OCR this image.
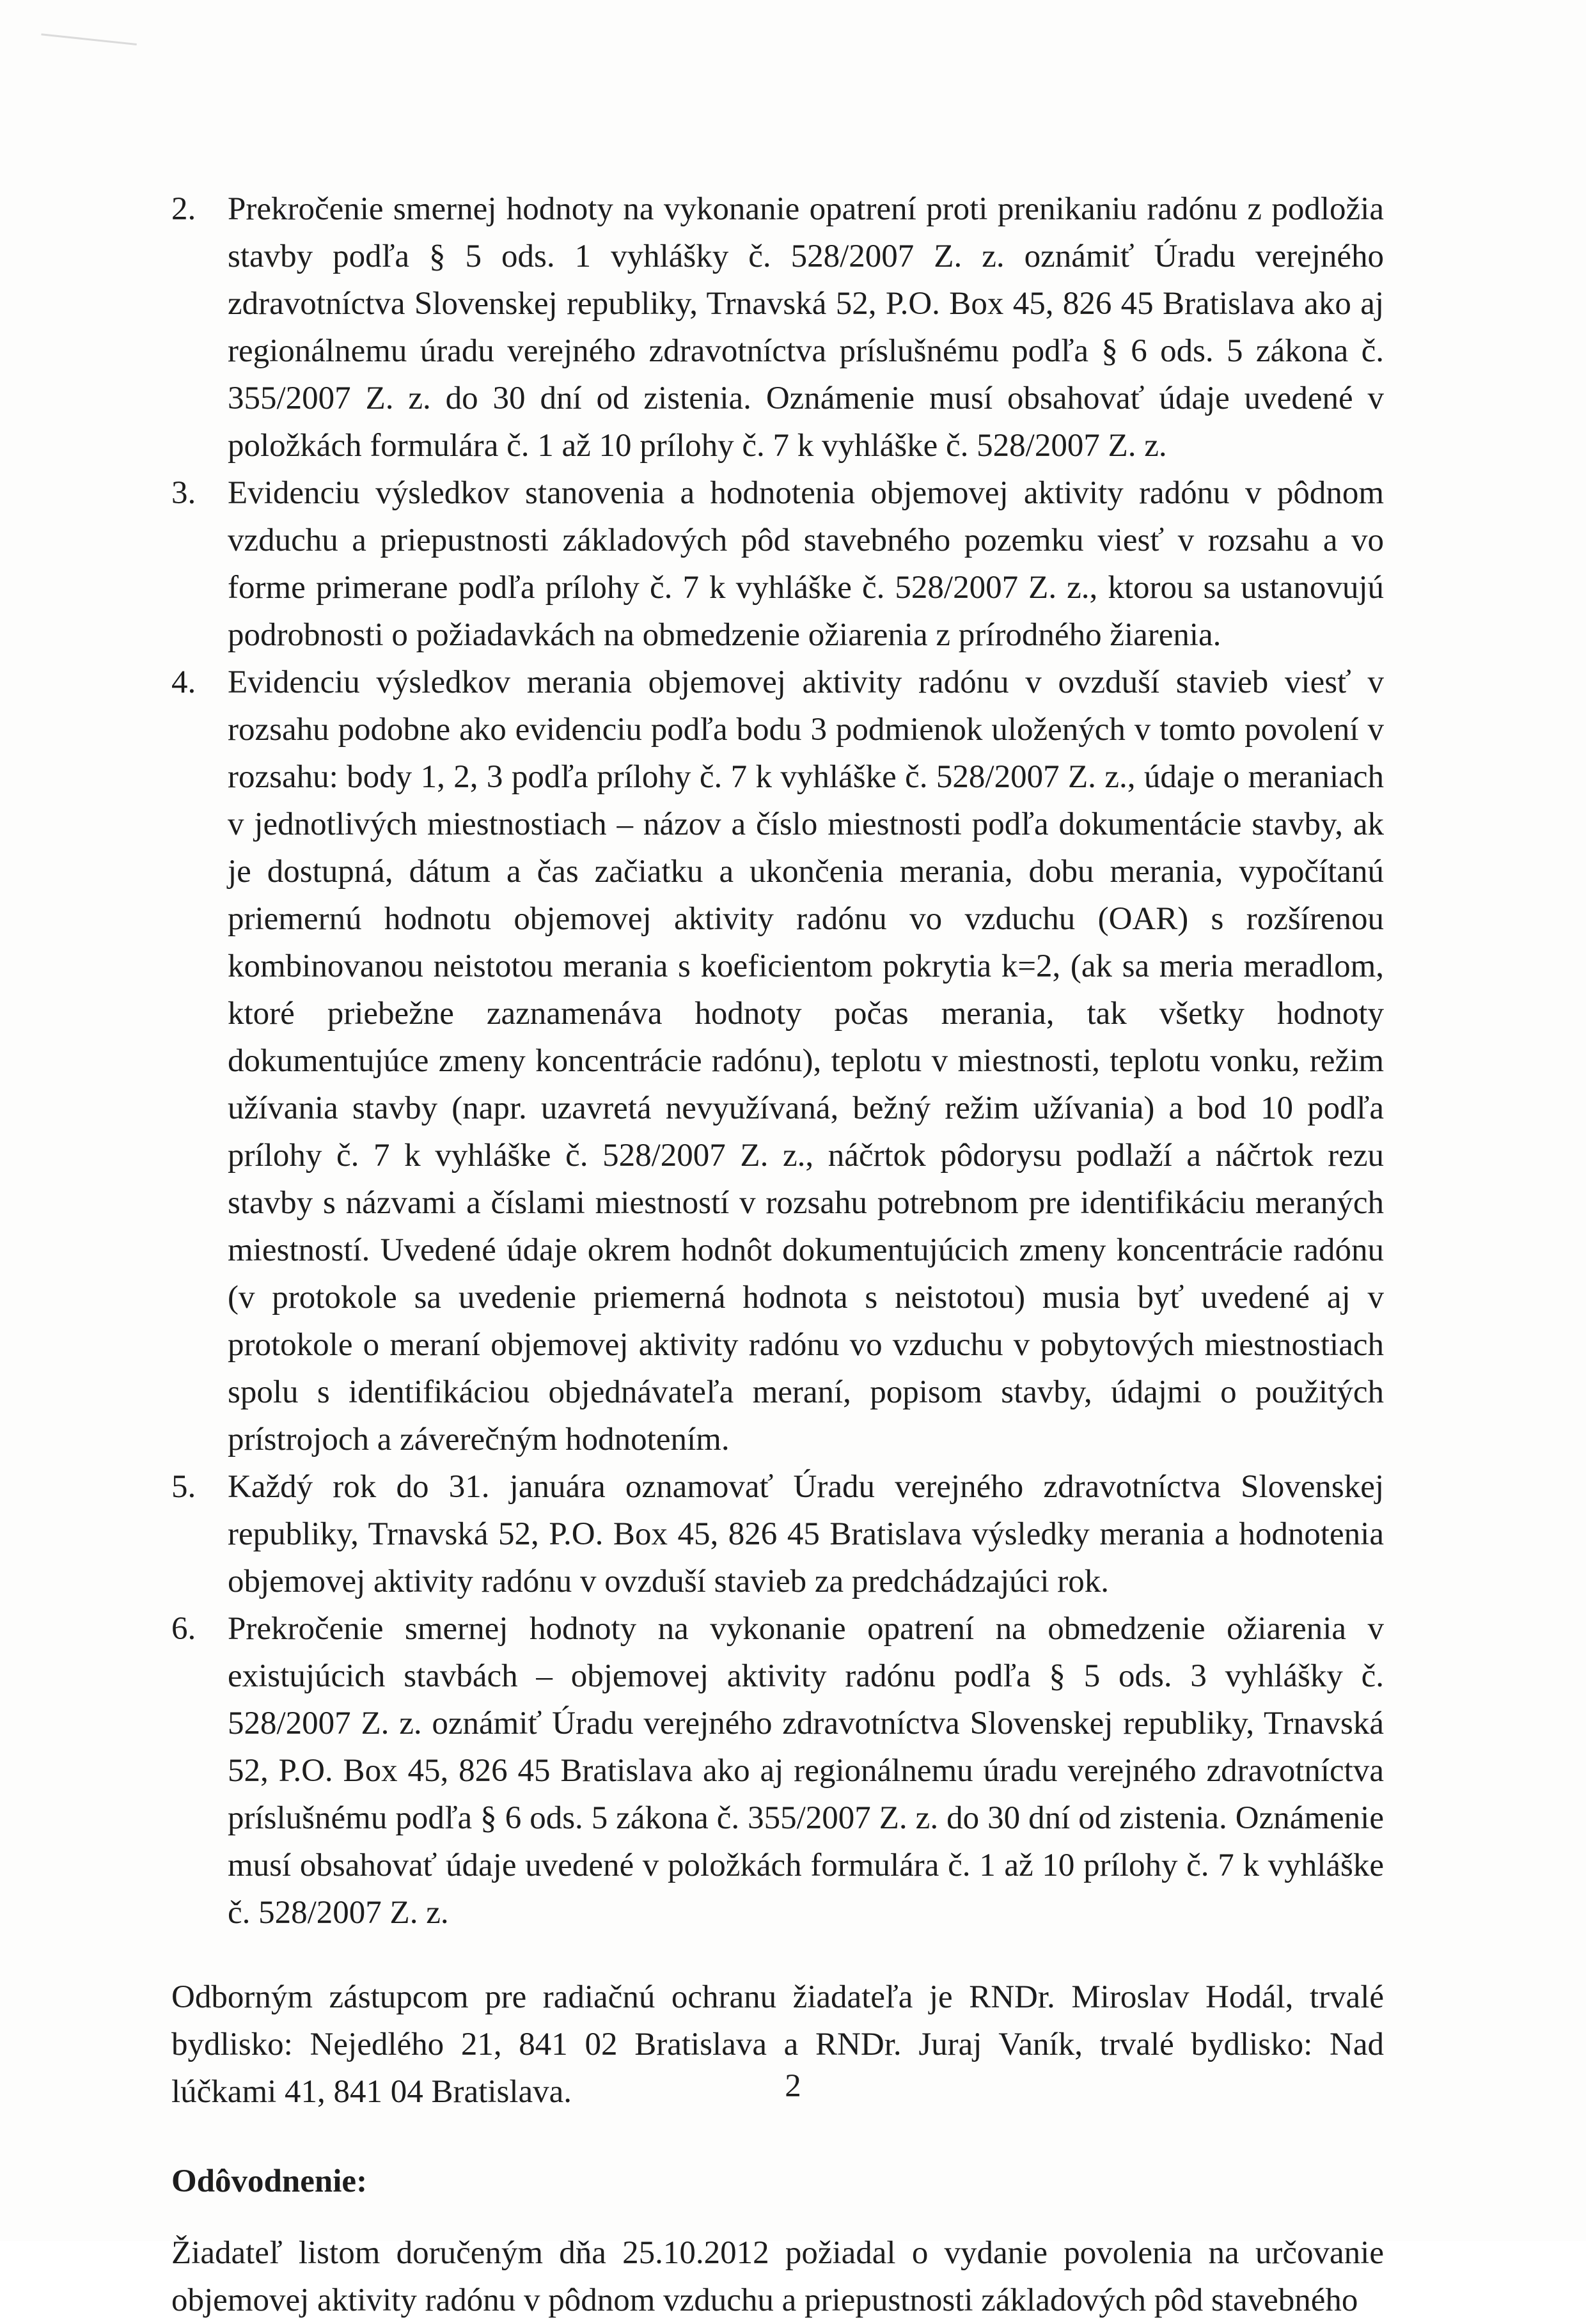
2. Prekročenie smernej hodnoty na vykonanie opatrení proti prenikaniu radónu z podložia stavby podľa § 5 ods. 1 vyhlášky č. 528/2007 Z. z. oznámiť Úradu verejného zdravotníctva Slovenskej republiky, Trnavská 52, P.O. Box 45, 826 45 Bratislava ako aj regionálnemu úradu verejného zdravotníctva príslušnému podľa § 6 ods. 5 zákona č. 355/2007 Z. z. do 30 dní od zistenia. Oznámenie musí obsahovať údaje uvedené v položkách formulára č. 1 až 10 prílohy č. 7 k vyhláške č. 528/2007 Z. z.
3. Evidenciu výsledkov stanovenia a hodnotenia objemovej aktivity radónu v pôdnom vzduchu a priepustnosti základových pôd stavebného pozemku viesť v rozsahu a vo forme primerane podľa prílohy č. 7 k vyhláške č. 528/2007 Z. z., ktorou sa ustanovujú podrobnosti o požiadavkách na obmedzenie ožiarenia z prírodného žiarenia.
4. Evidenciu výsledkov merania objemovej aktivity radónu v ovzduší stavieb viesť v rozsahu podobne ako evidenciu podľa bodu 3 podmienok uložených v tomto povolení v rozsahu: body 1, 2, 3 podľa prílohy č. 7 k vyhláške č. 528/2007 Z. z., údaje o meraniach v jednotlivých miestnostiach – názov a číslo miestnosti podľa dokumentácie stavby, ak je dostupná, dátum a čas začiatku a ukončenia merania, dobu merania, vypočítanú priemernú hodnotu objemovej aktivity radónu vo vzduchu (OAR) s rozšírenou kombinovanou neistotou merania s koeficientom pokrytia k=2, (ak sa meria meradlom, ktoré priebežne zaznamenáva hodnoty počas merania, tak všetky hodnoty dokumentujúce zmeny koncentrácie radónu), teplotu v miestnosti, teplotu vonku, režim užívania stavby (napr. uzavretá nevyužívaná, bežný režim užívania) a bod 10 podľa prílohy č. 7 k vyhláške č. 528/2007 Z. z., náčrtok pôdorysu podlaží a náčrtok rezu stavby s názvami a číslami miestností v rozsahu potrebnom pre identifikáciu meraných miestností. Uvedené údaje okrem hodnôt dokumentujúcich zmeny koncentrácie radónu (v protokole sa uvedenie priemerná hodnota s neistotou) musia byť uvedené aj v protokole o meraní objemovej aktivity radónu vo vzduchu v pobytových miestnostiach spolu s identifikáciou objednávateľa meraní, popisom stavby, údajmi o použitých prístrojoch a záverečným hodnotením.
5. Každý rok do 31. januára oznamovať Úradu verejného zdravotníctva Slovenskej republiky, Trnavská 52, P.O. Box 45, 826 45 Bratislava výsledky merania a hodnotenia objemovej aktivity radónu v ovzduší stavieb za predchádzajúci rok.
6. Prekročenie smernej hodnoty na vykonanie opatrení na obmedzenie ožiarenia v existujúcich stavbách – objemovej aktivity radónu podľa § 5 ods. 3 vyhlášky č. 528/2007 Z. z. oznámiť Úradu verejného zdravotníctva Slovenskej republiky, Trnavská 52, P.O. Box 45, 826 45 Bratislava ako aj regionálnemu úradu verejného zdravotníctva príslušnému podľa § 6 ods. 5 zákona č. 355/2007 Z. z. do 30 dní od zistenia. Oznámenie musí obsahovať údaje uvedené v položkách formulára č. 1 až 10 prílohy č. 7 k vyhláške č. 528/2007 Z. z.

Odborným zástupcom pre radiačnú ochranu žiadateľa je RNDr. Miroslav Hodál, trvalé bydlisko: Nejedlého 21, 841 02 Bratislava a RNDr. Juraj Vaník, trvalé bydlisko: Nad lúčkami 41, 841 04 Bratislava.

Odôvodnenie:

Žiadateľ listom doručeným dňa 25.10.2012 požiadal o vydanie povolenia na určovanie objemovej aktivity radónu v pôdnom vzduchu a priepustnosti základových pôd stavebného

2
